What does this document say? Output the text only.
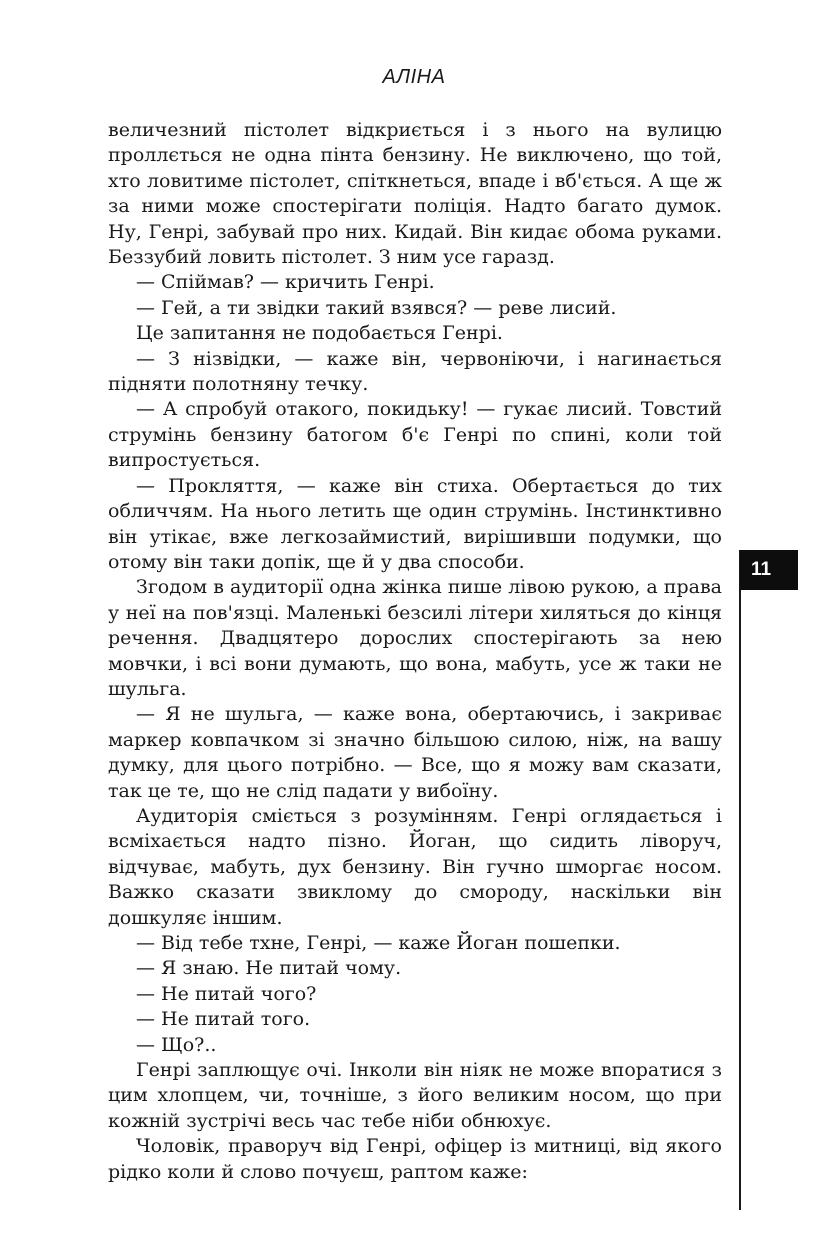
АЛІНА

величезний пістолет відкриється і з нього на вулицю проллється не одна пінта бензину. Не виключено, що той, хто ловитиме пістолет, спіткнеться, впаде і вб'ється. А ще ж за ними може спостерігати поліція. Надто багато думок. Ну, Генрі, забувай про них. Кидай. Він кидає обома руками. Беззубий ловить пістолет. З ним усе гаразд.

— Спіймав? — кричить Генрі.

— Гей, а ти звідки такий взявся? — реве лисий.

Це запитання не подобається Генрі.

— З нізвідки, — каже він, червоніючи, і нагинається підняти полотняну течку.

— А спробуй отакого, покидьку! — гукає лисий. Товстий струмінь бензину батогом б'є Генрі по спині, коли той випростується.

— Прокляття, — каже він стиха. Обертається до тих обличчям. На нього летить ще один струмінь. Інстинктивно він утікає, вже легкозаймистий, вирішивши подумки, що отому він таки допік, ще й у два способи.

Згодом в аудиторії одна жінка пише лівою рукою, а права у неї на пов'язці. Маленькі безсилі літери хиляться до кінця речення. Двадцятеро дорослих спостерігають за нею мовчки, і всі вони думають, що вона, мабуть, усе ж таки не шульга.

— Я не шульга, — каже вона, обертаючись, і закриває маркер ковпачком зі значно більшою силою, ніж, на вашу думку, для цього потрібно. — Все, що я можу вам сказати, так це те, що не слід падати у вибоїну.

Аудиторія сміється з розумінням. Генрі оглядається і всміхається надто пізно. Йоган, що сидить ліворуч, відчуває, мабуть, дух бензину. Він гучно шморгає носом. Важко сказати звиклому до смороду, наскільки він дошкуляє іншим.

— Від тебе тхне, Генрі, — каже Йоган пошепки.

— Я знаю. Не питай чому.

— Не питай чого?

— Не питай того.

— Що?..

Генрі заплющує очі. Інколи він ніяк не може впоратися з цим хлопцем, чи, точніше, з його великим носом, що при кожній зустрічі весь час тебе ніби обнюхує.

Чоловік, праворуч від Генрі, офіцер із митниці, від якого рідко коли й слово почуєш, раптом каже:

11
